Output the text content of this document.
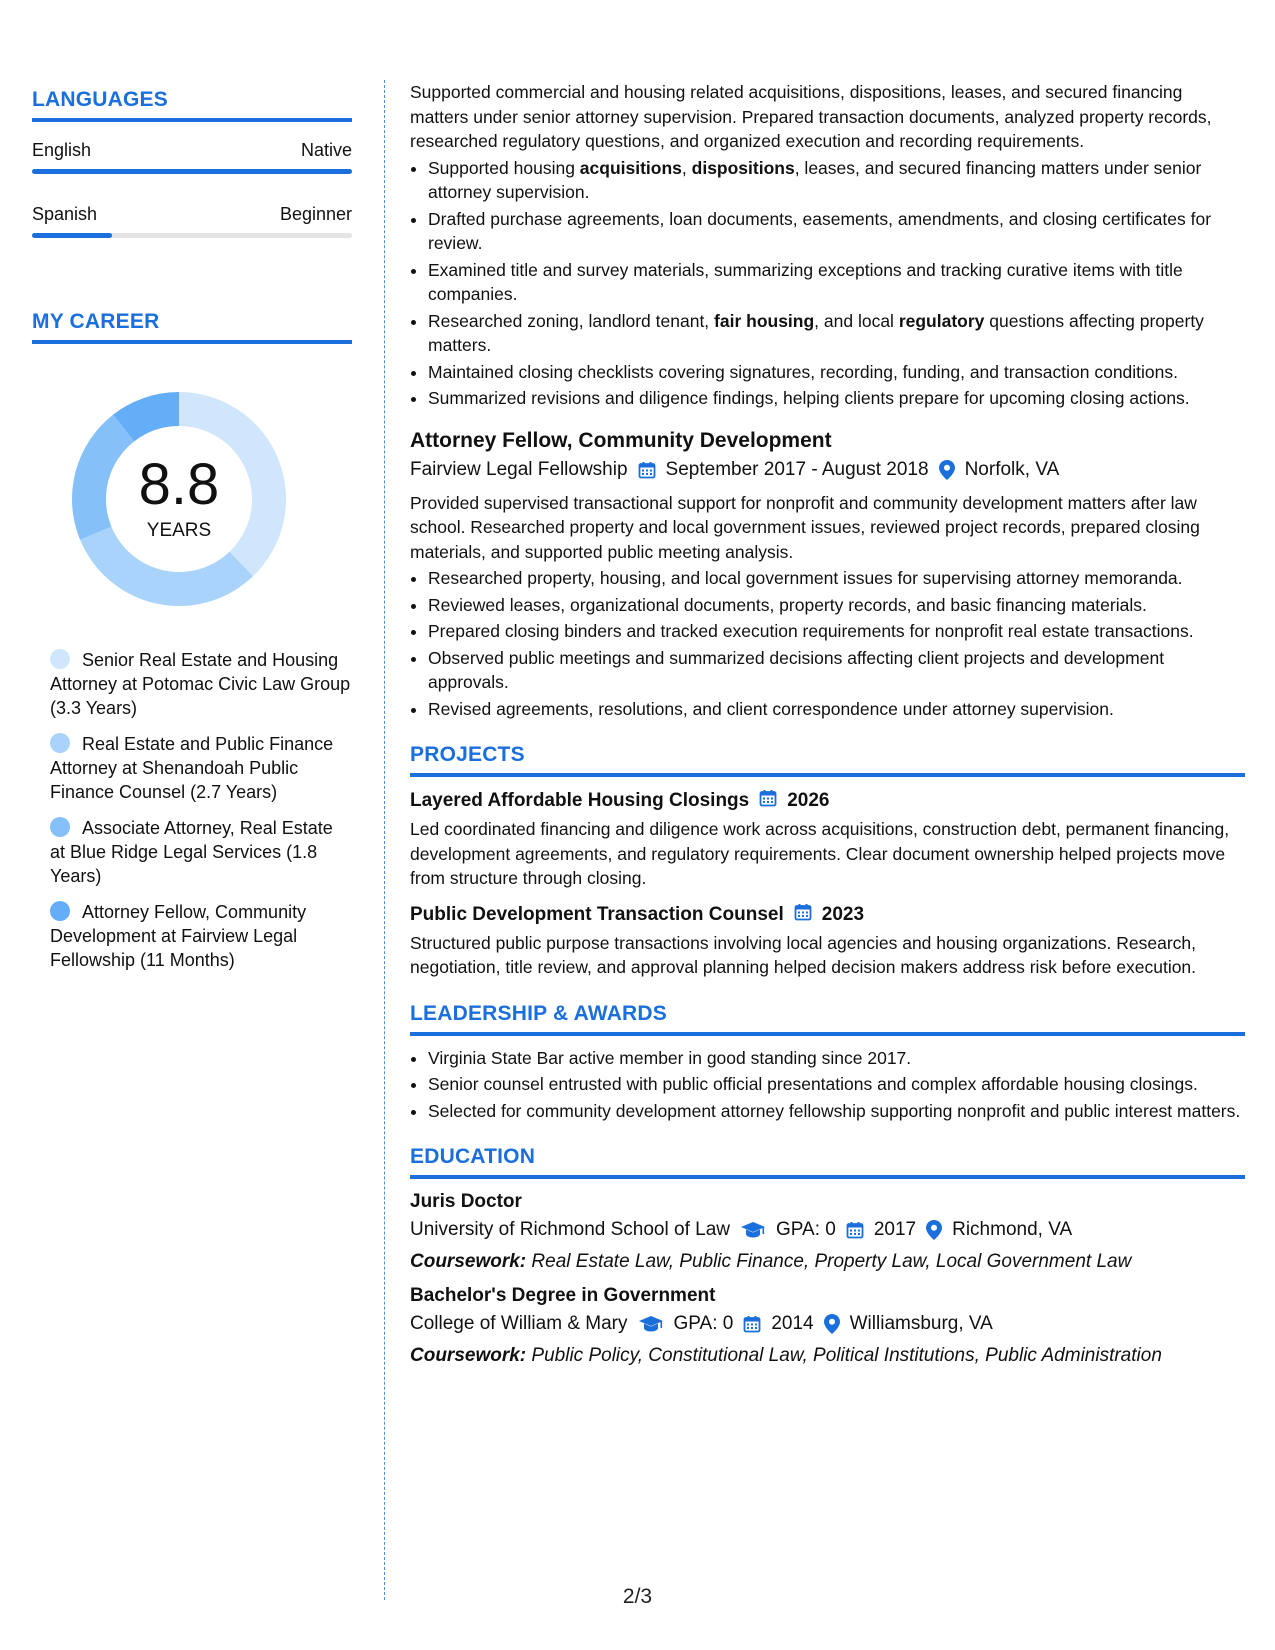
LANGUAGES
English	Native
Spanish	Beginner
MY CAREER
8.8
YEARS
Senior Real Estate and Housing Attorney at Potomac Civic Law Group (3.3 Years)
Real Estate and Public Finance Attorney at Shenandoah Public Finance Counsel (2.7 Years)
Associate Attorney, Real Estate at Blue Ridge Legal Services (1.8 Years)
Attorney Fellow, Community Development at Fairview Legal Fellowship (11 Months)

Supported commercial and housing related acquisitions, dispositions, leases, and secured financing matters under senior attorney supervision. Prepared transaction documents, analyzed property records, researched regulatory questions, and organized execution and recording requirements.

• Supported housing acquisitions, dispositions, leases, and secured financing matters under senior attorney supervision.
• Drafted purchase agreements, loan documents, easements, amendments, and closing certificates for review.
• Examined title and survey materials, summarizing exceptions and tracking curative items with title companies.
• Researched zoning, landlord tenant, fair housing, and local regulatory questions affecting property matters.
• Maintained closing checklists covering signatures, recording, funding, and transaction conditions.
• Summarized revisions and diligence findings, helping clients prepare for upcoming closing actions.
Attorney Fellow, Community Development
Fairview Legal Fellowship September 2017 - August 2018 Norfolk, VA

Provided supervised transactional support for nonprofit and community development matters after law school. Researched property and local government issues, reviewed project records, prepared closing materials, and supported public meeting analysis.

• Researched property, housing, and local government issues for supervising attorney memoranda.
• Reviewed leases, organizational documents, property records, and basic financing materials.
• Prepared closing binders and tracked execution requirements for nonprofit real estate transactions.
• Observed public meetings and summarized decisions affecting client projects and development approvals.
• Revised agreements, resolutions, and client correspondence under attorney supervision.
PROJECTS
Layered Affordable Housing Closings 2026

Led coordinated financing and diligence work across acquisitions, construction debt, permanent financing, development agreements, and regulatory requirements. Clear document ownership helped projects move from structure through closing.

Public Development Transaction Counsel 2023

Structured public purpose transactions involving local agencies and housing organizations. Research, negotiation, title review, and approval planning helped decision makers address risk before execution.

LEADERSHIP & AWARDS
• Virginia State Bar active member in good standing since 2017.
• Senior counsel entrusted with public official presentations and complex affordable housing closings.
• Selected for community development attorney fellowship supporting nonprofit and public interest matters.
EDUCATION
Juris Doctor
University of Richmond School of Law GPA: 0 2017 Richmond, VA
Coursework: Real Estate Law, Public Finance, Property Law, Local Government Law
Bachelor's Degree in Government
College of William & Mary GPA: 0 2014 Williamsburg, VA
Coursework: Public Policy, Constitutional Law, Political Institutions, Public Administration
2/3
